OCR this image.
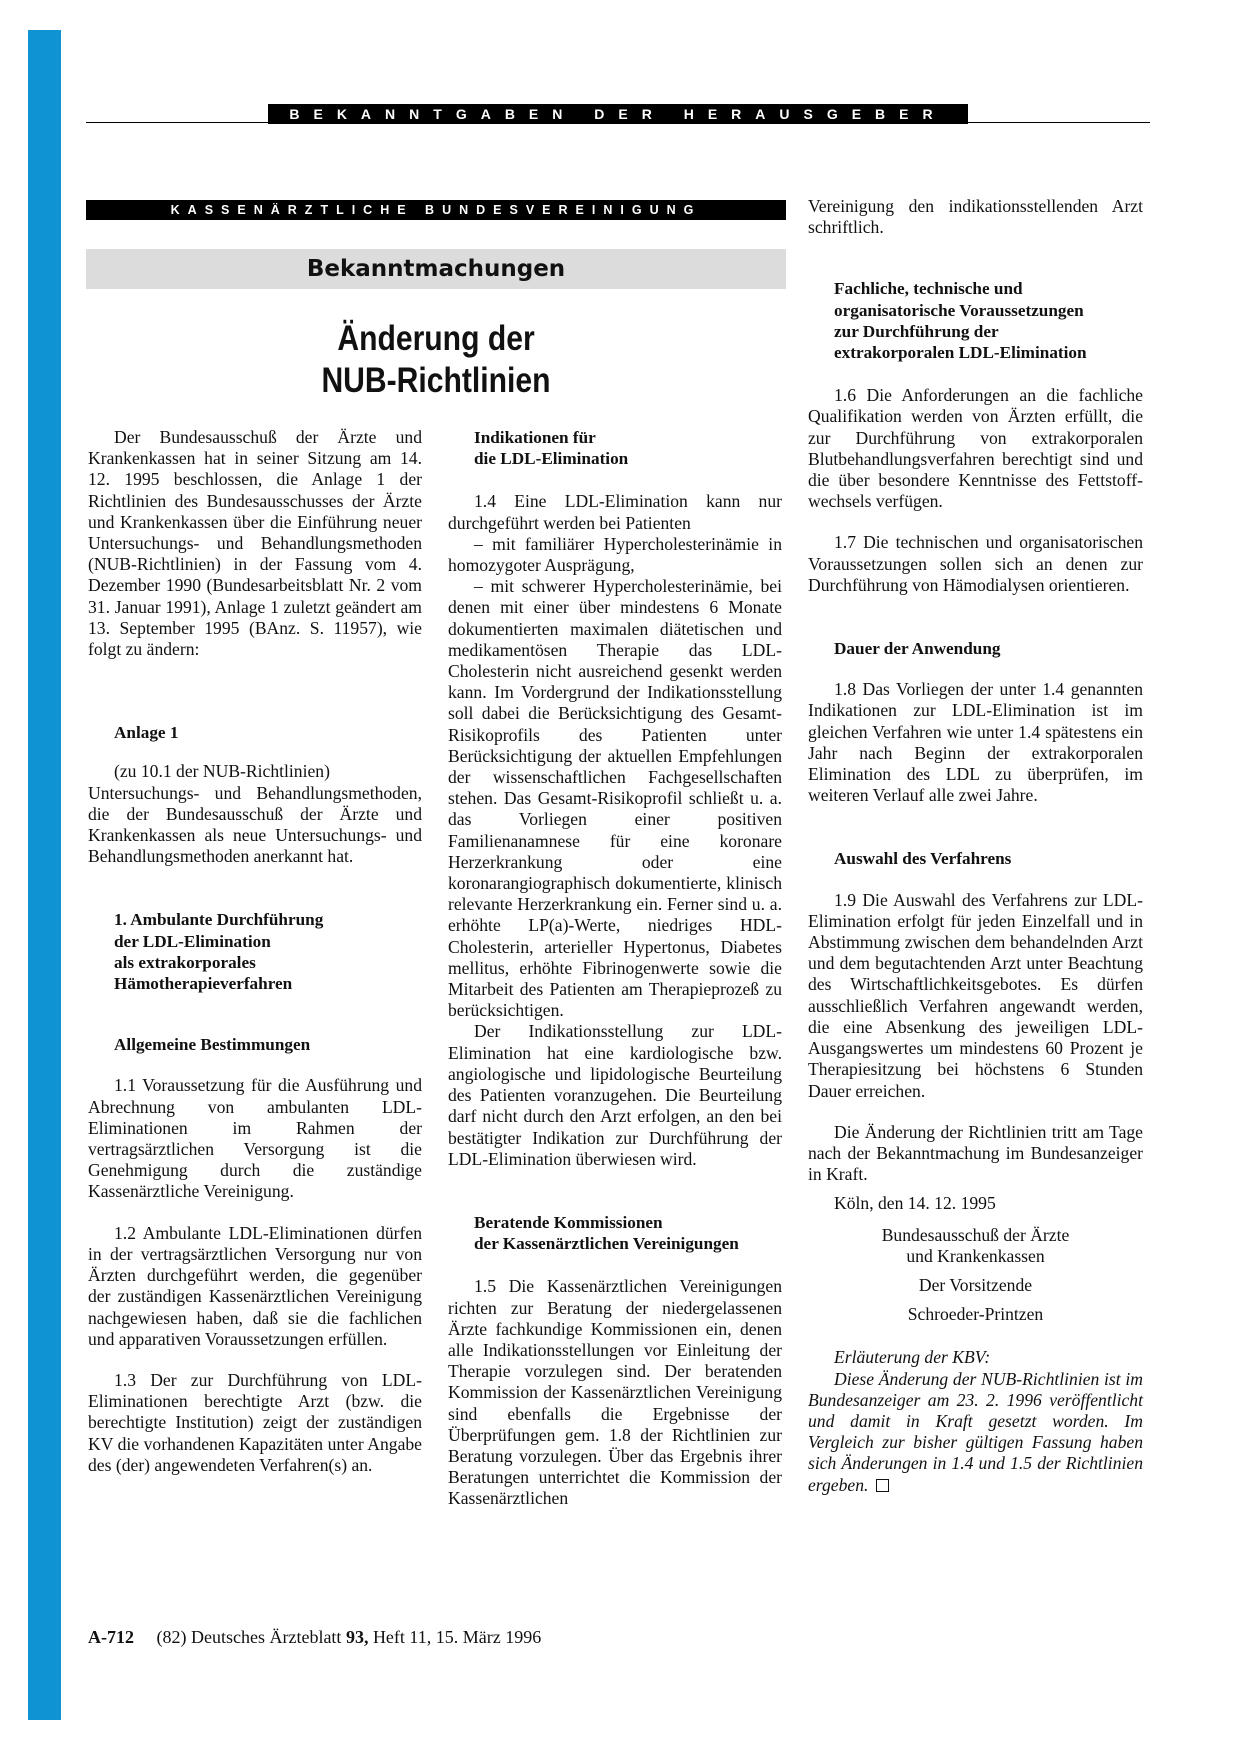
BEKANNTGABEN DER HERAUSGEBER
KASSENÄRZTLICHE BUNDESVEREINIGUNG
Bekanntmachungen
Änderung der
NUB-Richtlinien

Der Bundesausschuß der Ärzte und Krankenkassen hat in seiner Sitzung am 14. 12. 1995 beschlossen, die Anlage 1 der Richtlinien des Bundesausschusses der Ärzte und Krankenkassen über die Einführung neuer Untersuchungs- und Behandlungsmethoden (NUB-Richtlinien) in der Fassung vom 4. Dezember 1990 (Bundesarbeitsblatt Nr. 2 vom 31. Januar 1991), Anlage 1 zuletzt geändert am 13. September 1995 (BAnz. S. 11957), wie folgt zu ändern:

Anlage 1

(zu 10.1 der NUB-Richtlinien)

Untersuchungs- und Behandlungsmethoden, die der Bundesausschuß der Ärzte und Krankenkassen als neue Untersuchungs- und Behandlungsmethoden anerkannt hat.

1. Ambulante Durchführung
der LDL-Elimination
als extrakorporales
Hämotherapieverfahren
Allgemeine Bestimmungen

1.1 Voraussetzung für die Ausführung und Abrechnung von ambulanten LDL-Eliminationen im Rahmen der vertragsärztlichen Versorgung ist die Genehmigung durch die zuständige Kassenärztliche Vereinigung.

1.2 Ambulante LDL-Eliminationen dürfen in der vertragsärztlichen Versorgung nur von Ärzten durchgeführt werden, die gegenüber der zuständigen Kassenärztlichen Vereinigung nachgewiesen haben, daß sie die fachlichen und apparativen Voraussetzungen erfüllen.

1.3 Der zur Durchführung von LDL-Eliminationen berechtigte Arzt (bzw. die berechtigte Institution) zeigt der zuständigen KV die vorhandenen Kapazitäten unter Angabe des (der) angewendeten Verfahren(s) an.

Indikationen für
die LDL-Elimination

1.4 Eine LDL-Elimination kann nur durchgeführt werden bei Patienten

– mit familiärer Hypercholesterinämie in homozygoter Ausprägung,

– mit schwerer Hypercholesterinämie, bei denen mit einer über mindestens 6 Monate dokumentierten maximalen diätetischen und medikamentösen Therapie das LDL-Cholesterin nicht ausreichend gesenkt werden kann. Im Vordergrund der Indikationsstellung soll dabei die Berücksichtigung des Gesamt-Risikoprofils des Patienten unter Berücksichtigung der aktuellen Empfehlungen der wissenschaftlichen Fachgesellschaften stehen. Das Gesamt-Risikoprofil schließt u. a. das Vorliegen einer positiven Familienanamnese für eine koronare Herzerkrankung oder eine koronarangiographisch dokumentierte, klinisch relevante Herzerkrankung ein. Ferner sind u. a. erhöhte LP(a)-Werte, niedriges HDL-Cholesterin, arterieller Hypertonus, Diabetes mellitus, erhöhte Fibrinogenwerte sowie die Mitarbeit des Patienten am Therapieprozeß zu berücksichtigen.

Der Indikationsstellung zur LDL-Elimination hat eine kardiologische bzw. angiologische und lipidologische Beurteilung des Patienten voranzugehen. Die Beurteilung darf nicht durch den Arzt erfolgen, an den bei bestätigter Indikation zur Durchführung der LDL-Elimination überwiesen wird.

Beratende Kommissionen
der Kassenärztlichen Vereinigungen

1.5 Die Kassenärztlichen Vereinigungen richten zur Beratung der niedergelassenen Ärzte fachkundige Kommissionen ein, denen alle Indikationsstellungen vor Einleitung der Therapie vorzulegen sind. Der beratenden Kommission der Kassenärztlichen Vereinigung sind ebenfalls die Ergebnisse der Überprüfungen gem. 1.8 der Richtlinien zur Beratung vorzulegen. Über das Ergebnis ihrer Beratungen unterrichtet die Kommission der Kassenärztlichen

Vereinigung den indikationsstellenden Arzt schriftlich.

Fachliche, technische und
organisatorische Voraussetzungen
zur Durchführung der
extrakorporalen LDL-Elimination

1.6 Die Anforderungen an die fachliche Qualifikation werden von Ärzten erfüllt, die zur Durchführung von extrakorporalen Blutbehandlungsverfahren berechtigt sind und die über besondere Kenntnisse des Fettstoffwechsels verfügen.

1.7 Die technischen und organisatorischen Voraussetzungen sollen sich an denen zur Durchführung von Hämodialysen orientieren.

Dauer der Anwendung

1.8 Das Vorliegen der unter 1.4 genannten Indikationen zur LDL-Elimination ist im gleichen Verfahren wie unter 1.4 spätestens ein Jahr nach Beginn der extrakorporalen Elimination des LDL zu überprüfen, im weiteren Verlauf alle zwei Jahre.

Auswahl des Verfahrens

1.9 Die Auswahl des Verfahrens zur LDL-Elimination erfolgt für jeden Einzelfall und in Abstimmung zwischen dem behandelnden Arzt und dem begutachtenden Arzt unter Beachtung des Wirtschaftlichkeitsgebotes. Es dürfen ausschließlich Verfahren angewandt werden, die eine Absenkung des jeweiligen LDL-Ausgangswertes um mindestens 60 Prozent je Therapiesitzung bei höchstens 6 Stunden Dauer erreichen.

Die Änderung der Richtlinien tritt am Tage nach der Bekanntmachung im Bundesanzeiger in Kraft.

Köln, den 14. 12. 1995

Bundesausschuß der Ärzte
und Krankenkassen
Der Vorsitzende
Schroeder-Printzen

Erläuterung der KBV:

Diese Änderung der NUB-Richtlinien ist im Bundesanzeiger am 23. 2. 1996 veröffentlicht und damit in Kraft gesetzt worden. Im Vergleich zur bisher gültigen Fassung haben sich Änderungen in 1.4 und 1.5 der Richtlinien ergeben.

A-712 (82) Deutsches Ärzteblatt 93, Heft 11, 15. März 1996
